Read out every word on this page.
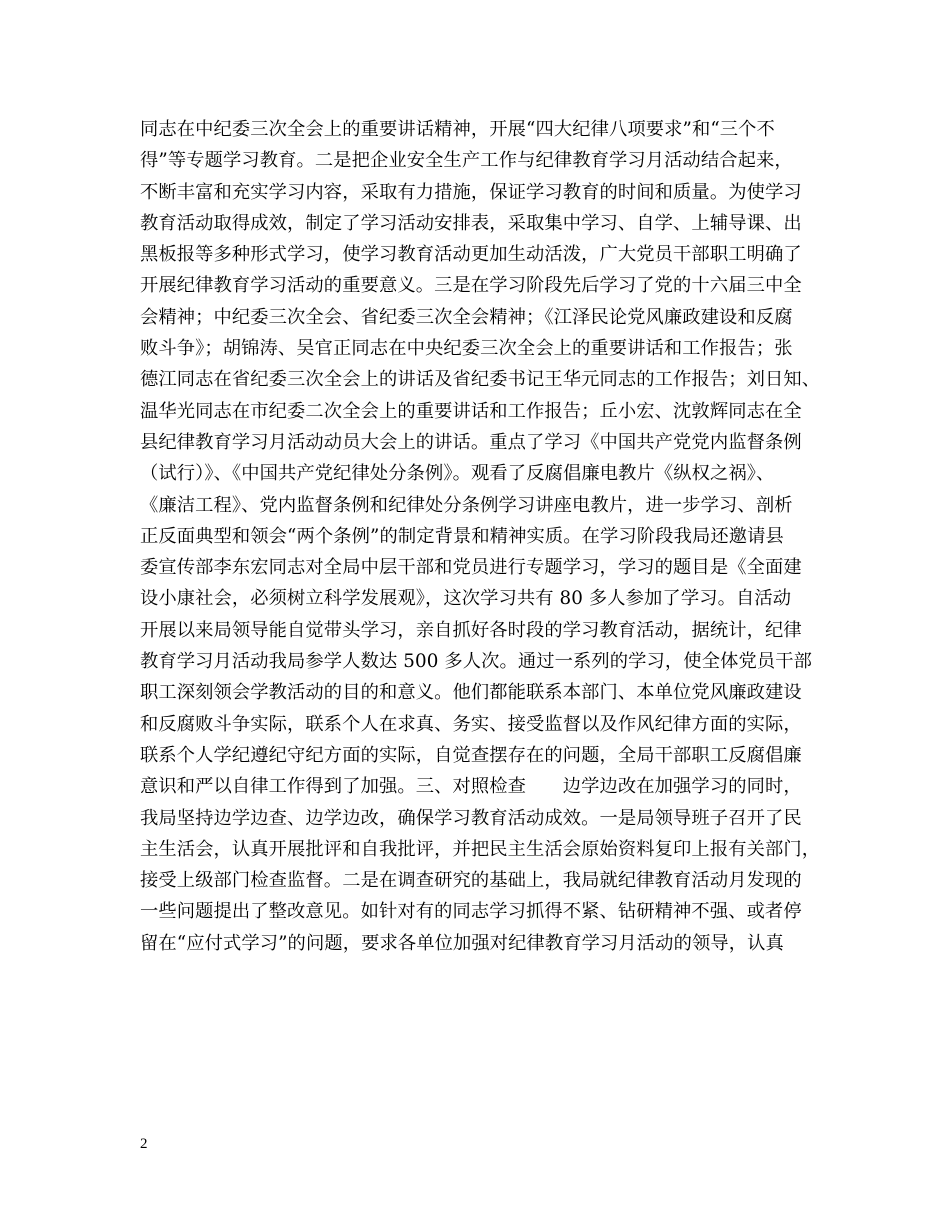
同志在中纪委三次全会上的重要讲话精神，开展“四大纪律八项要求”和“三个不
得”等专题学习教育。二是把企业安全生产工作与纪律教育学习月活动结合起来，
不断丰富和充实学习内容，采取有力措施，保证学习教育的时间和质量。为使学习
教育活动取得成效，制定了学习活动安排表，采取集中学习、自学、上辅导课、出
黑板报等多种形式学习，使学习教育活动更加生动活泼，广大党员干部职工明确了
开展纪律教育学习活动的重要意义。三是在学习阶段先后学习了党的十六届三中全
会精神；中纪委三次全会、省纪委三次全会精神；《江泽民论党风廉政建设和反腐
败斗争》；胡锦涛、吴官正同志在中央纪委三次全会上的重要讲话和工作报告；张
德江同志在省纪委三次全会上的讲话及省纪委书记王华元同志的工作报告；刘日知、
温华光同志在市纪委二次全会上的重要讲话和工作报告；丘小宏、沈敦辉同志在全
县纪律教育学习月活动动员大会上的讲话。重点了学习《中国共产党党内监督条例
（试行）》、《中国共产党纪律处分条例》。观看了反腐倡廉电教片《纵权之祸》、
《廉洁工程》、党内监督条例和纪律处分条例学习讲座电教片，进一步学习、剖析
正反面典型和领会“两个条例”的制定背景和精神实质。在学习阶段我局还邀请县
委宣传部李东宏同志对全局中层干部和党员进行专题学习，学习的题目是《全面建
设小康社会，必须树立科学发展观》，这次学习共有 80 多人参加了学习。自活动
开展以来局领导能自觉带头学习，亲自抓好各时段的学习教育活动，据统计，纪律
教育学习月活动我局参学人数达 500 多人次。通过一系列的学习，使全体党员干部
职工深刻领会学教活动的目的和意义。他们都能联系本部门、本单位党风廉政建设
和反腐败斗争实际，联系个人在求真、务实、接受监督以及作风纪律方面的实际，
联系个人学纪遵纪守纪方面的实际，自觉查摆存在的问题，全局干部职工反腐倡廉
意识和严以自律工作得到了加强。三、对照检查　　边学边改在加强学习的同时，
我局坚持边学边查、边学边改，确保学习教育活动成效。一是局领导班子召开了民
主生活会，认真开展批评和自我批评，并把民主生活会原始资料复印上报有关部门，
接受上级部门检查监督。二是在调查研究的基础上，我局就纪律教育活动月发现的
一些问题提出了整改意见。如针对有的同志学习抓得不紧、钻研精神不强、或者停
留在“应付式学习”的问题，要求各单位加强对纪律教育学习月活动的领导，认真
2
